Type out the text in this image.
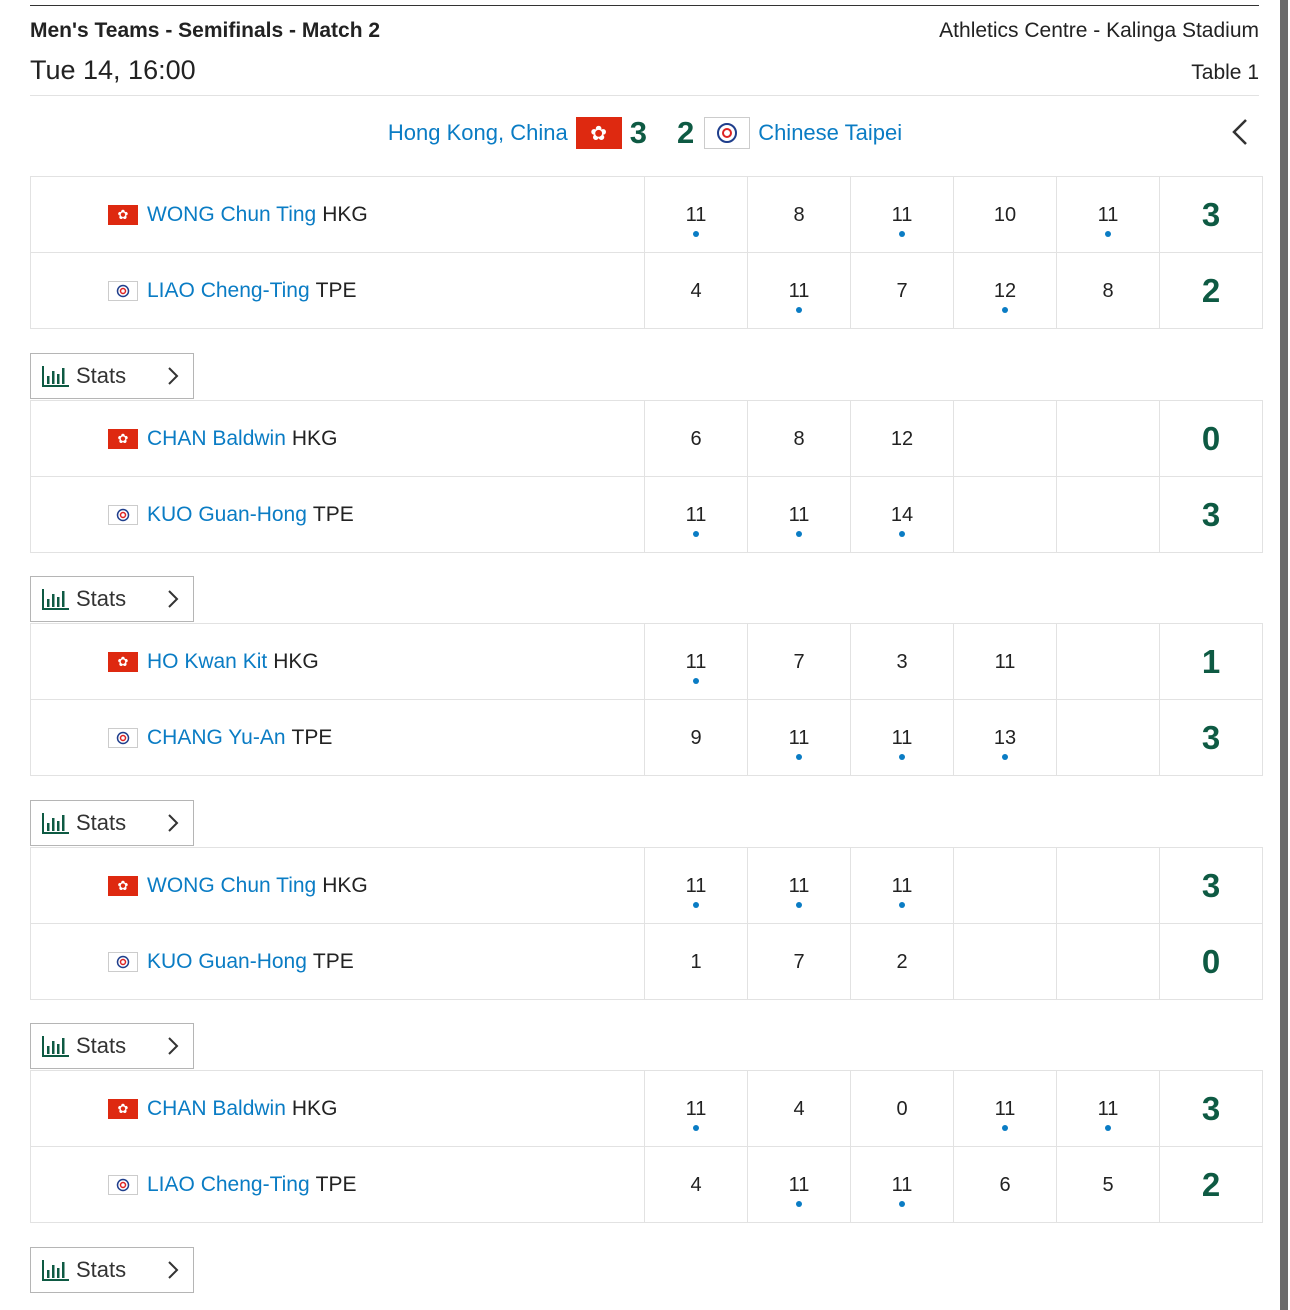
Men's Teams - Semifinals - Match 2	Athletics Centre - Kalinga Stadium
Tue 14, 16:00	Table 1
Hong Kong, China	✿ 3 2	Chinese Taipei
✿ WONG Chun Ting HKG	11	8	11	10	11	3

LIAO Cheng-Ting TPE	4	11	7	12	8	2
Stats
✿ CHAN Baldwin HKG	6	8	12			0

KUO Guan-Hong TPE	11	11	14			3
Stats
✿ HO Kwan Kit HKG	11	7	3	11		1

CHANG Yu-An TPE	9	11	11	13		3
Stats
✿ WONG Chun Ting HKG	11	11	11			3

KUO Guan-Hong TPE	1	7	2			0
Stats
✿ CHAN Baldwin HKG	11	4	0	11	11	3

LIAO Cheng-Ting TPE	4	11	11	6	5	2
Stats
